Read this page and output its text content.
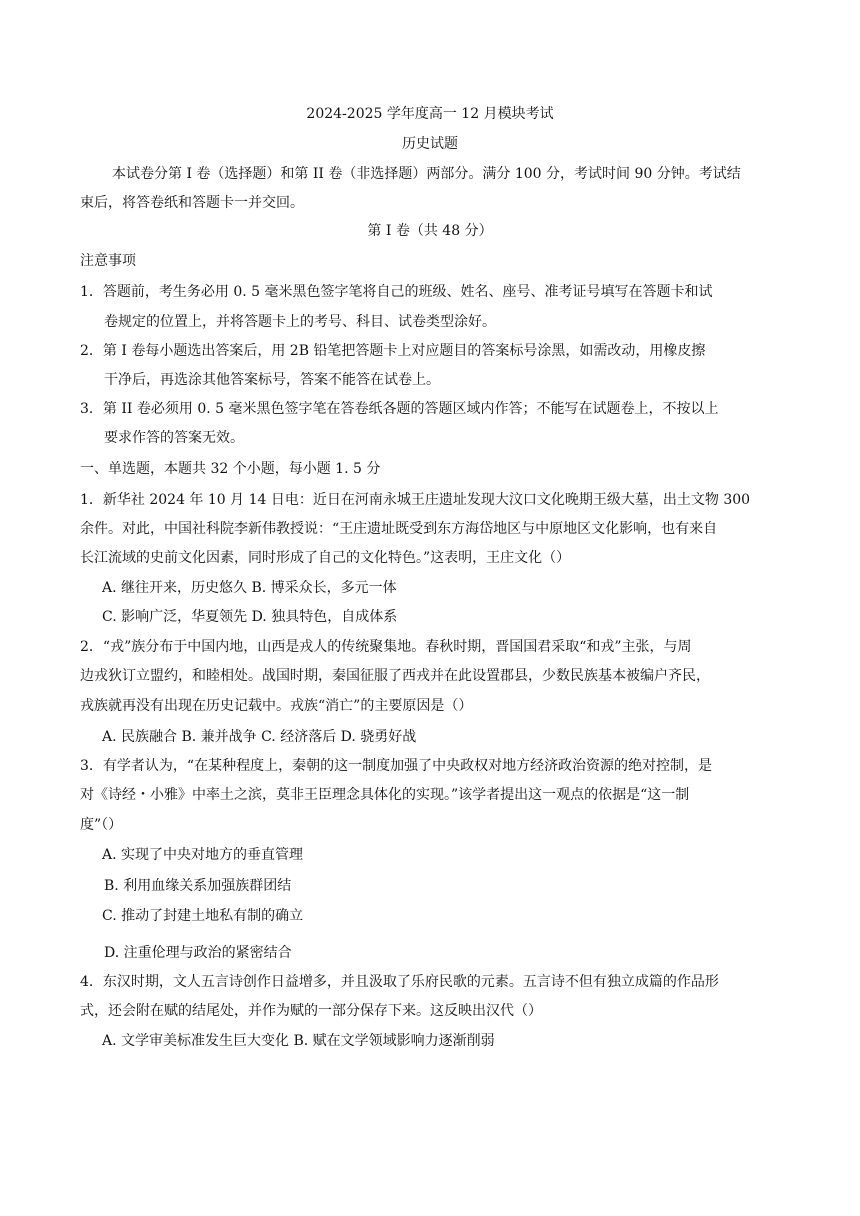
2024-2025 学年度高一 12 月模块考试
历史试题
本试卷分第 I 卷（选择题）和第 II 卷（非选择题）两部分。满分 100 分，考试时间 90 分钟。考试结
束后，将答卷纸和答题卡一并交回。
第 I 卷（共 48 分）
注意事项
1．答题前，考生务必用 0. 5 毫米黑色签字笔将自己的班级、姓名、座号、准考证号填写在答题卡和试
卷规定的位置上，并将答题卡上的考号、科目、试卷类型涂好。
2．第 I 卷每小题选出答案后，用 2B 铅笔把答题卡上对应题目的答案标号涂黑，如需改动，用橡皮擦
干净后，再选涂其他答案标号，答案不能答在试卷上。
3．第 II 卷必须用 0. 5 毫米黑色签字笔在答卷纸各题的答题区域内作答；不能写在试题卷上，不按以上
要求作答的答案无效。
一、单选题，本题共 32 个小题，每小题 1. 5 分
1．新华社 2024 年 10 月 14 日电：近日在河南永城王庄遗址发现大汶口文化晚期王级大墓，出土文物 300
余件。对此，中国社科院李新伟教授说：“王庄遗址既受到东方海岱地区与中原地区文化影响，也有来自
长江流域的史前文化因素，同时形成了自己的文化特色。”这表明，王庄文化（）
A. 继往开来，历史悠久 B. 博采众长，多元一体
C. 影响广泛，华夏领先 D. 独具特色，自成体系
2．“戎”族分布于中国内地，山西是戎人的传统聚集地。春秋时期，晋国国君采取“和戎”主张，与周
边戎狄订立盟约，和睦相处。战国时期，秦国征服了西戎并在此设置郡县，少数民族基本被编户齐民，
戎族就再没有出现在历史记载中。戎族“消亡”的主要原因是（）
A. 民族融合 B. 兼并战争 C. 经济落后 D. 骁勇好战
3．有学者认为，“在某种程度上，秦朝的这一制度加强了中央政权对地方经济政治资源的绝对控制，是
对《诗经・小雅》中率土之滨，莫非王臣理念具体化的实现。”该学者提出这一观点的依据是“这一制
度”（）
A. 实现了中央对地方的垂直管理
B. 利用血缘关系加强族群团结
C. 推动了封建土地私有制的确立
D. 注重伦理与政治的紧密结合
4．东汉时期，文人五言诗创作日益增多，并且汲取了乐府民歌的元素。五言诗不但有独立成篇的作品形
式，还会附在赋的结尾处，并作为赋的一部分保存下来。这反映出汉代（）
A. 文学审美标准发生巨大变化 B. 赋在文学领域影响力逐渐削弱
